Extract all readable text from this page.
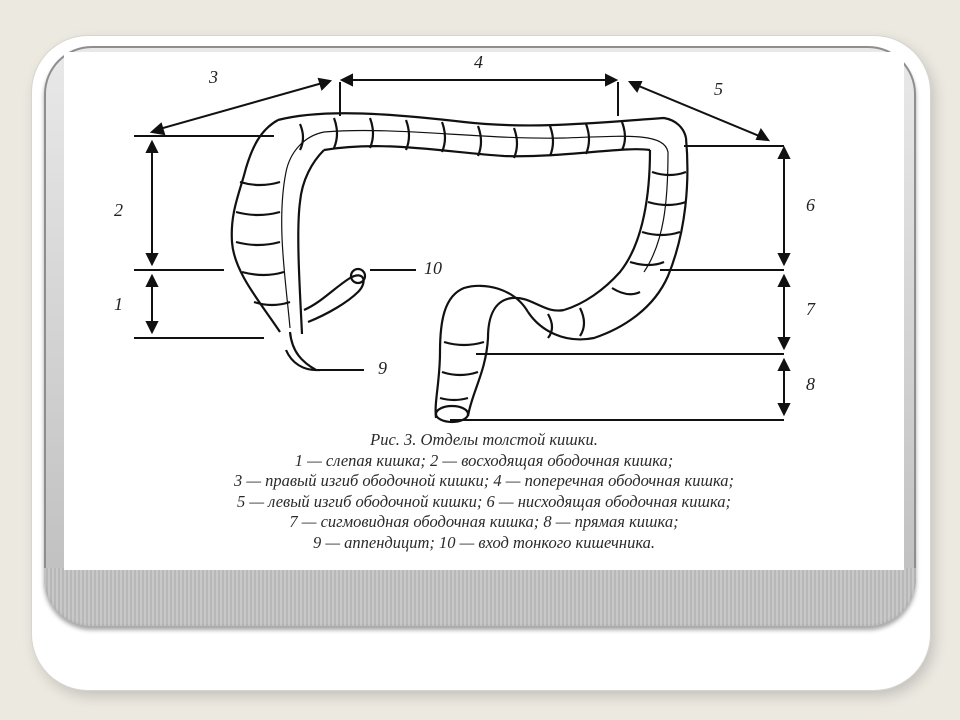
3
4
5
2
1
6
7
8
9
10
Рис. 3. Отделы толстой кишки.
1 — слепая кишка; 2 — восходящая ободочная кишка;
3 — правый изгиб ободочной кишки; 4 — поперечная ободочная кишка;
5 — левый изгиб ободочной кишки; 6 — нисходящая ободочная кишка;
7 — сигмовидная ободочная кишка; 8 — прямая кишка;
9 — аппендицит; 10 — вход тонкого кишечника.
